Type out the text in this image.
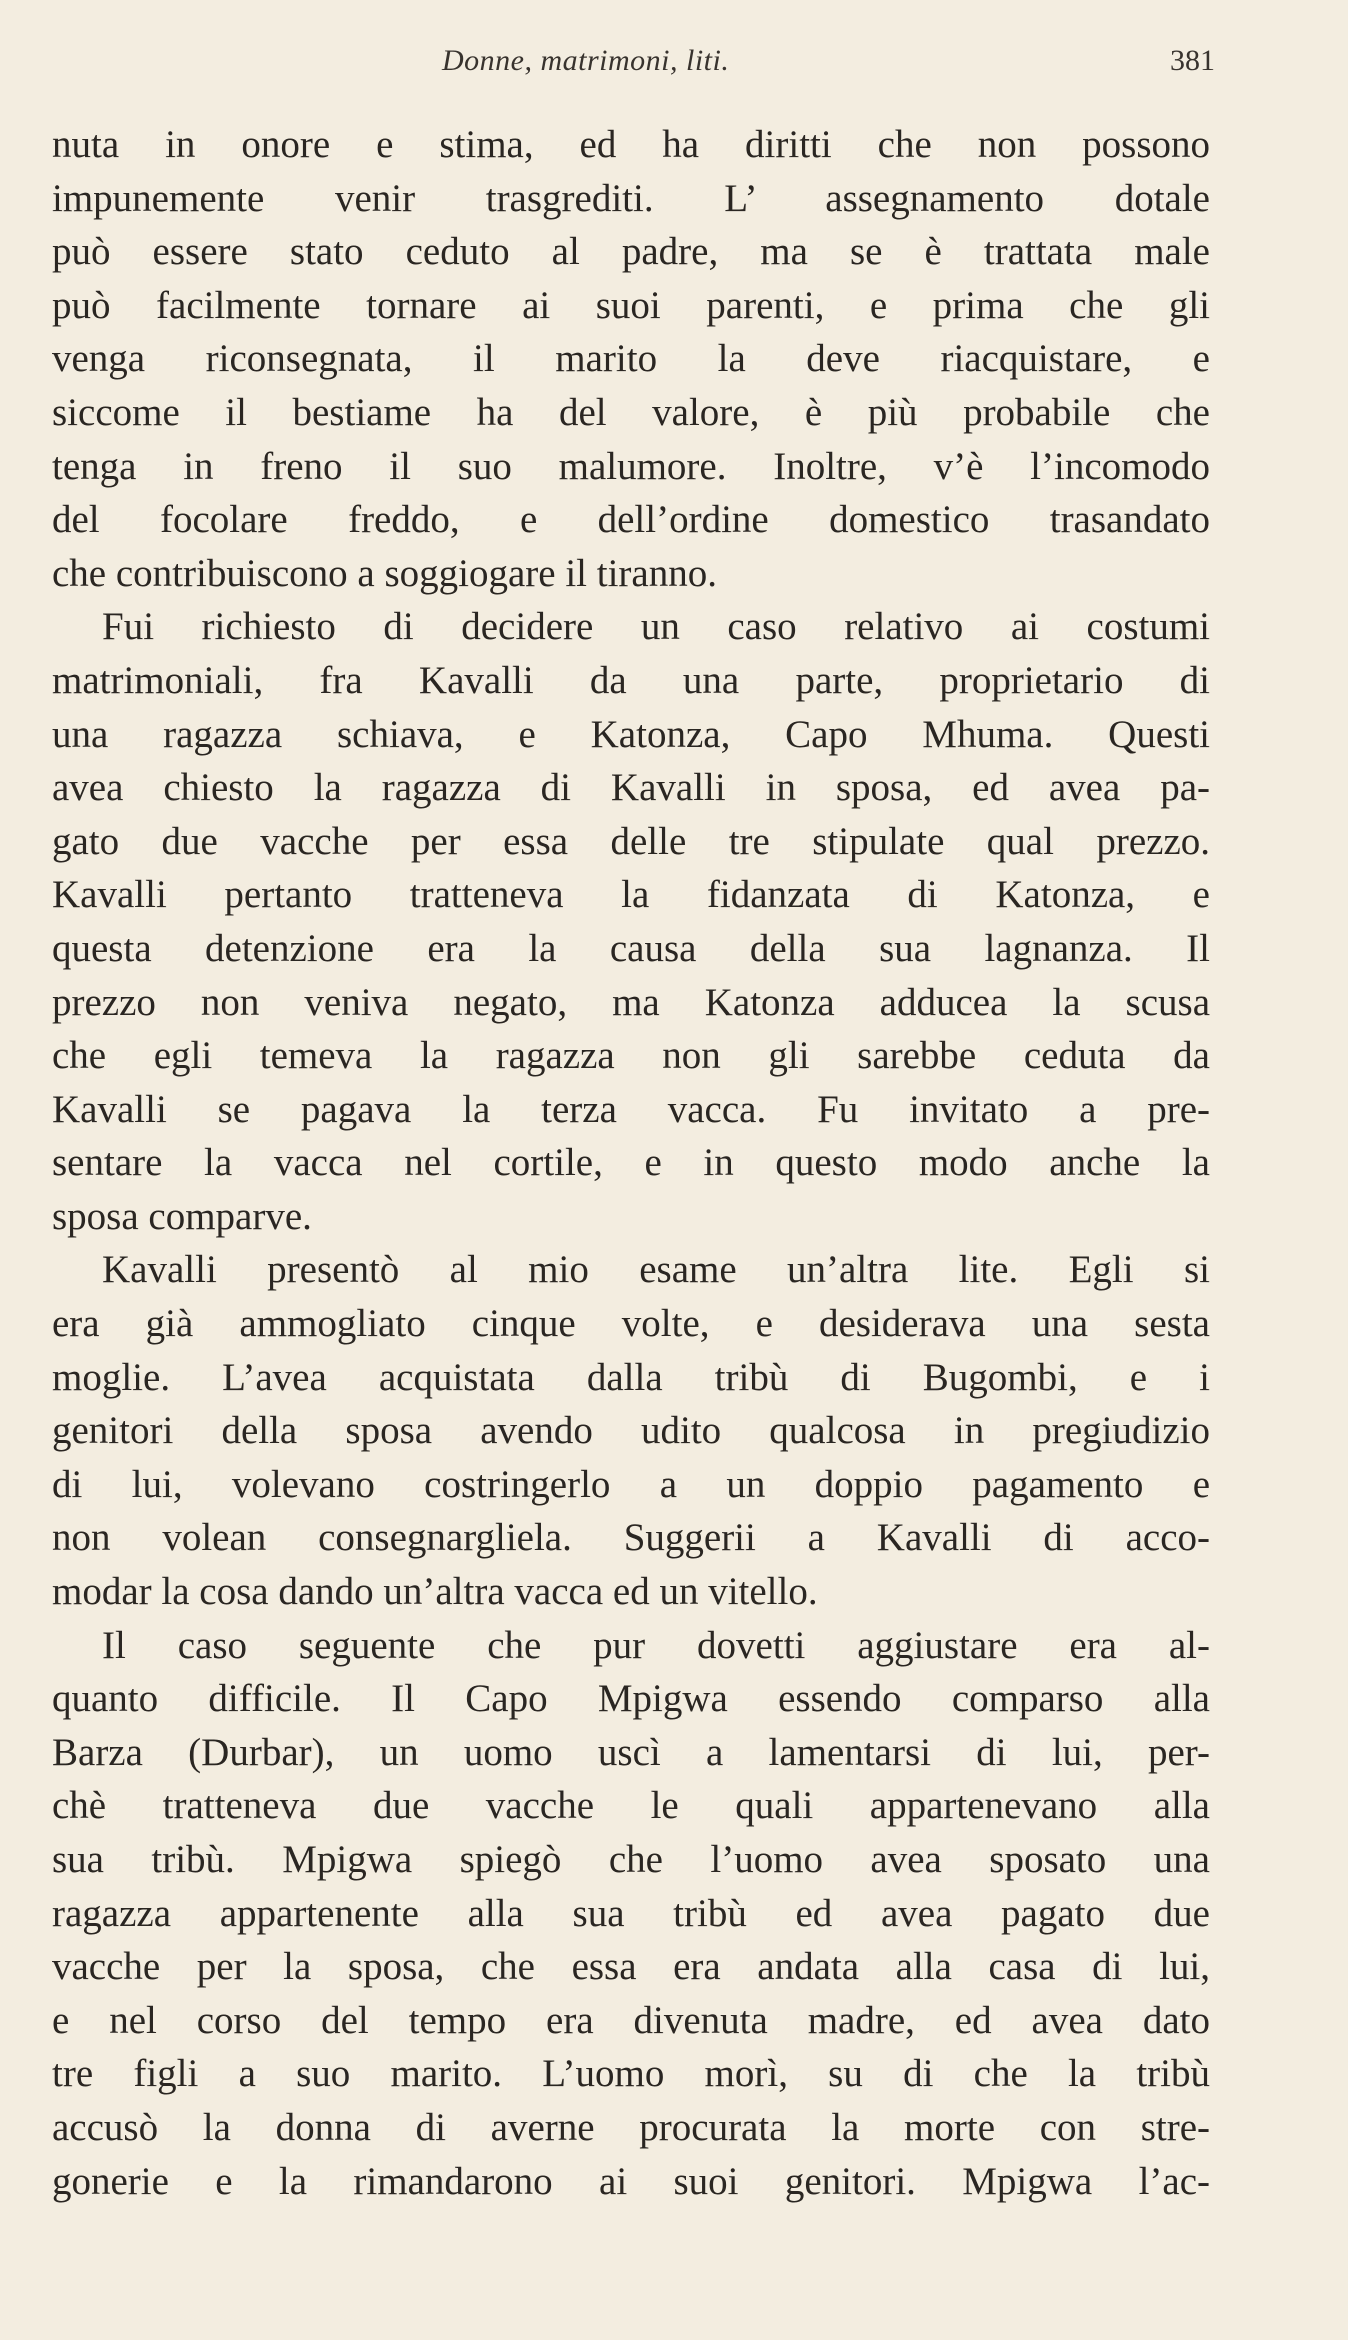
Donne, matrimoni, liti.	381
nuta in onore e stima, ed ha diritti che non possono
impunemente venir trasgrediti. L’ assegnamento dotale
può essere stato ceduto al padre, ma se è trattata male
può facilmente tornare ai suoi parenti, e prima che gli
venga riconsegnata, il marito la deve riacquistare, e
siccome il bestiame ha del valore, è più probabile che
tenga in freno il suo malumore. Inoltre, v’è l’incomodo
del focolare freddo, e dell’ordine domestico trasandato
che contribuiscono a soggiogare il tiranno.
Fui richiesto di decidere un caso relativo ai costumi
matrimoniali, fra Kavalli da una parte, proprietario di
una ragazza schiava, e Katonza, Capo Mhuma. Questi
avea chiesto la ragazza di Kavalli in sposa, ed avea pa-
gato due vacche per essa delle tre stipulate qual prezzo.
Kavalli pertanto tratteneva la fidanzata di Katonza, e
questa detenzione era la causa della sua lagnanza. Il
prezzo non veniva negato, ma Katonza adducea la scusa
che egli temeva la ragazza non gli sarebbe ceduta da
Kavalli se pagava la terza vacca. Fu invitato a pre-
sentare la vacca nel cortile, e in questo modo anche la
sposa comparve.
Kavalli presentò al mio esame un’altra lite. Egli si
era già ammogliato cinque volte, e desiderava una sesta
moglie. L’avea acquistata dalla tribù di Bugombi, e i
genitori della sposa avendo udito qualcosa in pregiudizio
di lui, volevano costringerlo a un doppio pagamento e
non volean consegnargliela. Suggerii a Kavalli di acco-
modar la cosa dando un’altra vacca ed un vitello.
Il caso seguente che pur dovetti aggiustare era al-
quanto difficile. Il Capo Mpigwa essendo comparso alla
Barza (Durbar), un uomo uscì a lamentarsi di lui, per-
chè tratteneva due vacche le quali appartenevano alla
sua tribù. Mpigwa spiegò che l’uomo avea sposato una
ragazza appartenente alla sua tribù ed avea pagato due
vacche per la sposa, che essa era andata alla casa di lui,
e nel corso del tempo era divenuta madre, ed avea dato
tre figli a suo marito. L’uomo morì, su di che la tribù
accusò la donna di averne procurata la morte con stre-
gonerie e la rimandarono ai suoi genitori. Mpigwa l’ac-
